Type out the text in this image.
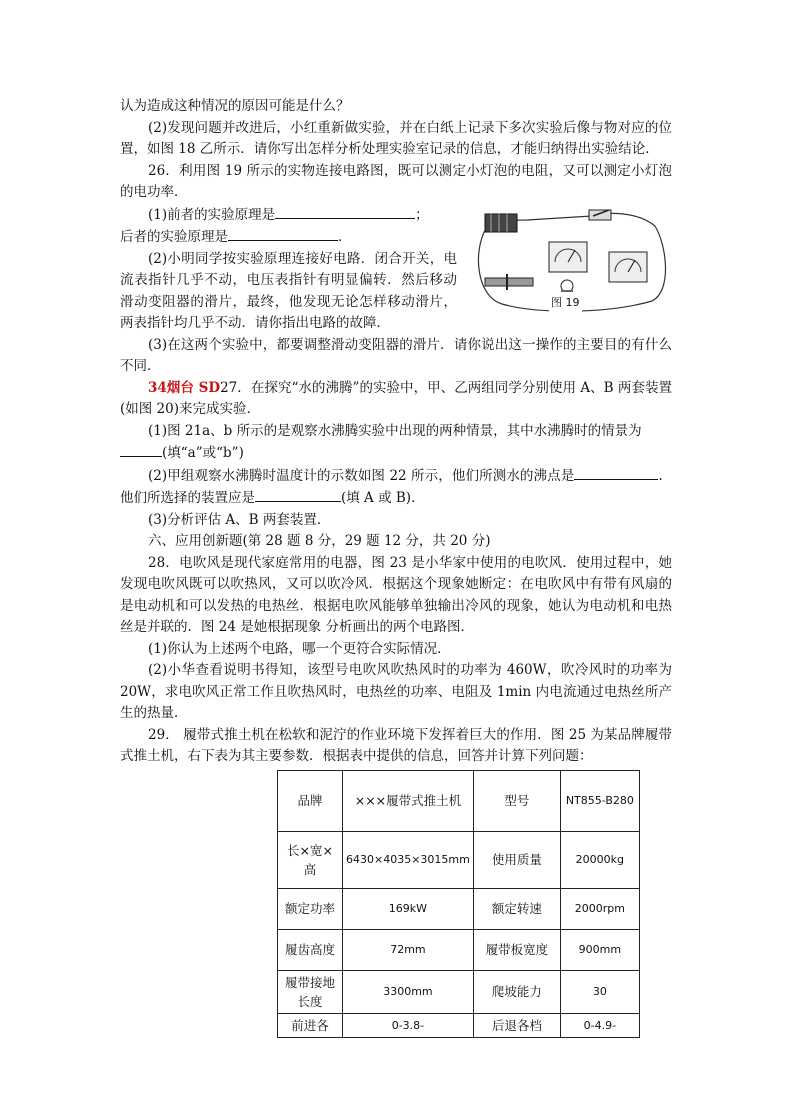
认为造成这种情况的原因可能是什么？

(2)发现问题并改进后，小红重新做实验，并在白纸上记录下多次实验后像与物对应的位置，如图 18 乙所示．请你写出怎样分析处理实验室记录的信息，才能归纳得出实验结论．

26．利用图 19 所示的实物连接电路图，既可以测定小灯泡的电阻，又可以测定小灯泡的电功率．

图 19

(1)前者的实验原理是	；

后者的实验原理是	．

(2)小明同学按实验原理连接好电路．闭合开关，电流表指针几乎不动，电压表指针有明显偏转．然后移动滑动变阻器的滑片，最终，他发现无论怎样移动滑片，两表指针均几乎不动．请你指出电路的故障．

(3)在这两个实验中，都要调整滑动变阻器的滑片．请你说出这一操作的主要目的有什么不同．

34烟台 SD27．在探究“水的沸腾”的实验中，甲、乙两组同学分别使用 A、B 两套装置(如图 20)来完成实验．

(1)图 21a、b 所示的是观察水沸腾实验中出现的两种情景，其中水沸腾时的情景为
(填“a”或“b”)

(2)甲组观察水沸腾时温度计的示数如图 22 所示，他们所测水的沸点是	．他们所选择的装置应是	(填 A 或 B)．

(3)分析评估 A、B 两套装置．

六、应用创新题(第 28 题 8 分，29 题 12 分，共 20 分)

28．电吹风是现代家庭常用的电器，图 23 是小华家中使用的电吹风．使用过程中，她发现电吹风既可以吹热风，又可以吹冷风．根据这个现象她断定：在电吹风中有带有风扇的是电动机和可以发热的电热丝．根据电吹风能够单独输出冷风的现象，她认为电动机和电热丝是并联的．图 24 是她根据现象 分析画出的两个电路图．

(1)你认为上述两个电路，哪一个更符合实际情况．

(2)小华查看说明书得知，该型号电吹风吹热风时的功率为 460W，吹冷风时的功率为 20W，求电吹风正常工作且吹热风时，电热丝的功率、电阻及 1min 内电流通过电热丝所产生的热量．

29． 履带式推土机在松软和泥泞的作业环境下发挥着巨大的作用．图 25 为某品牌履带式推土机，右下表为其主要参数．根据表中提供的信息，回答并计算下列问题：

品牌	×××履带式推土机	型号	NT855-B280
长×宽×高	6430×4035×3015mm	使用质量	20000kg
额定功率	169kW	额定转速	2000rpm
履齿高度	72mm	履带板宽度	900mm
履带接地长度	3300mm	爬坡能力	30
前进各	0-3.8-	后退各档	0-4.9-
